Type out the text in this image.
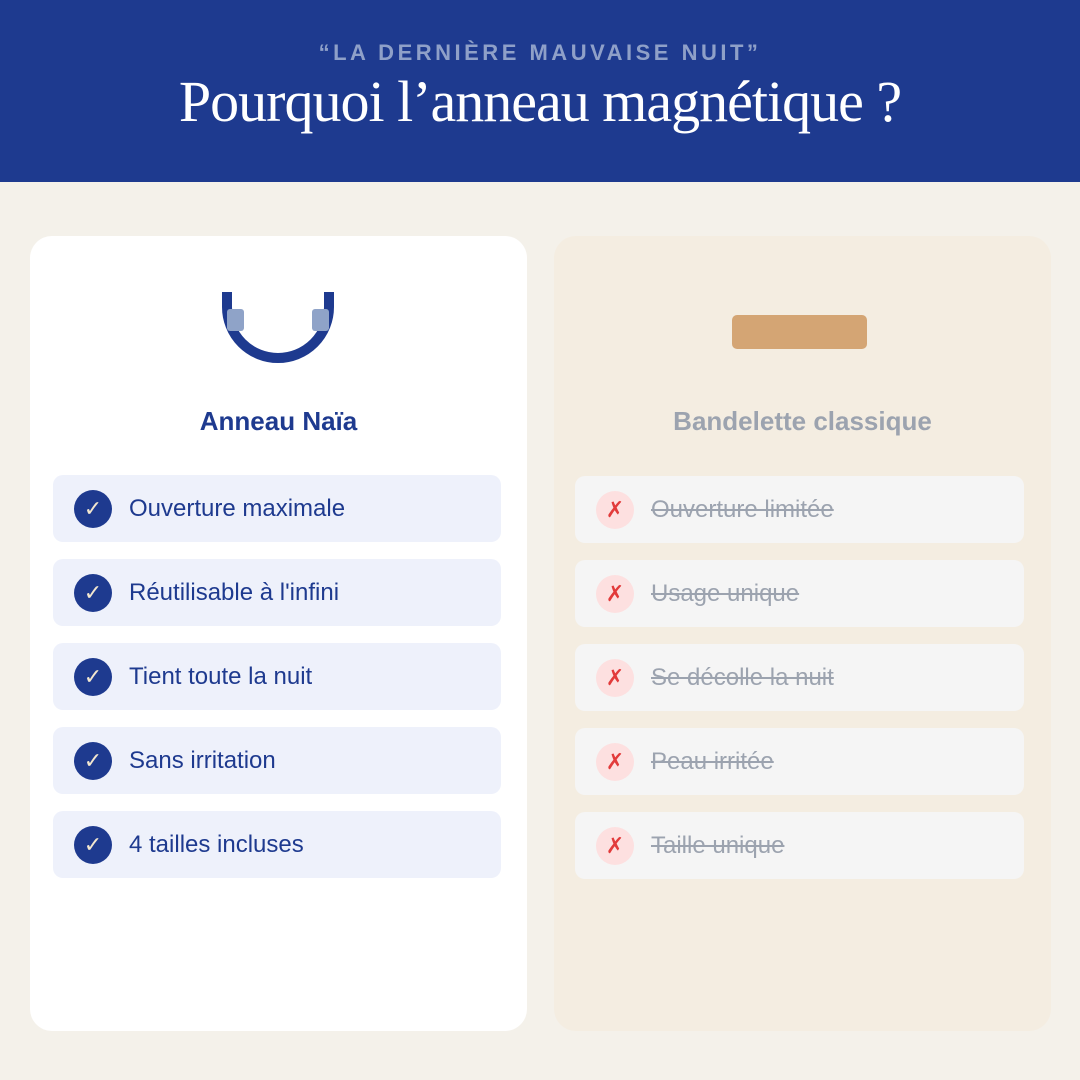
“LA DERNIÈRE MAUVAISE NUIT”
Pourquoi l’anneau magnétique ?
Anneau Naïa
✓	Ouverture maximale
✓	Réutilisable à l'infini
✓	Tient toute la nuit
✓	Sans irritation
✓	4 tailles incluses
Bandelette classique
✗	Ouverture limitée
✗	Usage unique
✗	Se décolle la nuit
✗	Peau irritée
✗	Taille unique
